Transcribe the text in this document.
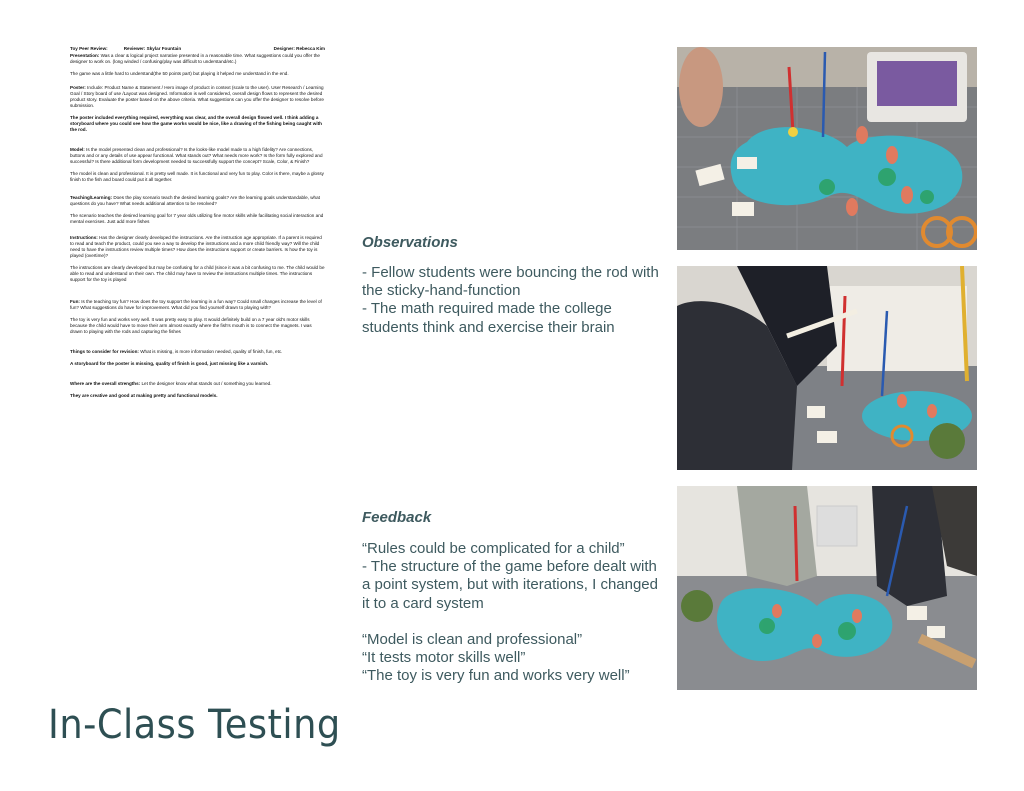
Toy Peer Review:	Reviewer: Skylar Fountain	Designer: Rebecca Kim

Presentation: Was a clear & logical project narrative presented in a reasonable time. What suggestions could you offer the designer to work on. (long winded / confusing/play was difficult to understand/etc.)

The game was a little hard to understand(the 50 points part) but playing it helped me understand in the end.

Poster: Include: Product Name & Statement / Hero image of product in context (scale to the user). User Research / Learning Goal / Story board of use /Layout was designed. Information is well considered, overall design flows to represent the desired product story. Evaluate the poster based on the above criteria. What suggestions can you offer the designer to resolve before submission.

The poster included everything required, everything was clear, and the overall design flowed well. I think adding a storyboard where you could see how the game works would be nice, like a drawing of the fishing being caught with the rod.

Model: Is the model presented clean and professional? Is the looks-like model made to a high fidelity? Are connections, buttons and or any details of use appear functional. What stands out? What needs more work? Is the form fully explored and successful? Is there additional form development needed to successfully support the concept? Scale, Color, & Finish?

The model is clean and professional. It is pretty well made. It is functional and very fun to play. Color is there, maybe a glossy finish to the fish and board could put it all together.

Teaching/Learning: Does the play scenario teach the desired learning goals? Are the learning goals understandable, what questions do you have? What needs additional attention to be resolved?

The scenario teaches the desired learning goal for 7 year olds utilizing fine motor skills while facilitating social interaction and mental exercises. Just add more fishes

Instructions: Has the designer clearly developed the instructions. Are the instruction age appropriate. If a parent is required to read and teach the product, could you see a way to develop the instructions and a more child friendly way? Will the child need to have the instructions review multiple times? How does the instructions support or create barriers. Is how the toy is played (overtime)?

The instructions are clearly developed but may be confusing for a child (since it was a bit confusing to me. The child would be able to read and understand on their own. The child may have to review the instructions multiple times. The instructions support for the toy is played

Fun: Is the teaching toy fun? How does the toy support the learning in a fun way? Could small changes increase the level of fun? What suggestions do have for improvement. What did you find yourself drawn to playing with?

The toy is very fun and works very well. It was pretty easy to play. It would definitely build on a 7 year old's motor skills because the child would have to move their arm almost exactly where the fish's mouth is to connect the magnets. I was drawn to playing with the rods and capturing the fishes

Things to consider for revision: What is missing, is more information needed, quality of finish, fun, etc.

A storyboard for the poster is missing, quality of finish is good, just missing like a varnish.

Where are the overall strengths: Let the designer know what stands out / something you learned.

They are creative and good at making pretty and functional models.

Observations

- Fellow students were bouncing the rod with the sticky-hand-function

- The math required made the college students think and exercise their brain

Feedback

“Rules could be complicated for a child”

- The structure of the game before dealt with a point system, but with iterations, I changed it to a card system

“Model is clean and professional”

“It tests motor skills well”

“The toy is very fun and works very well”

In-Class Testing
